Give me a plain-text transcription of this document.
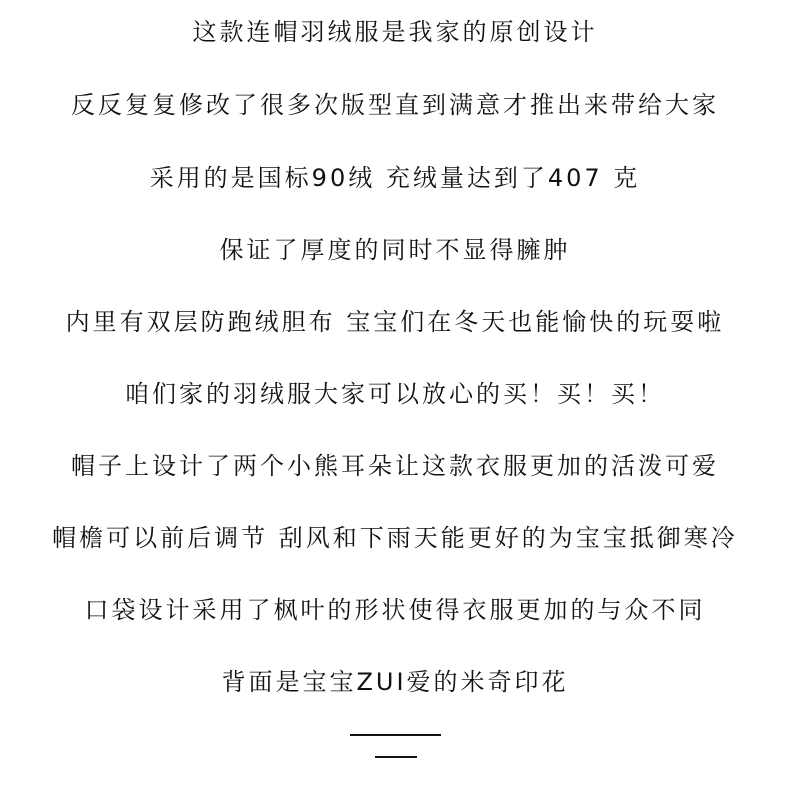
这款连帽羽绒服是我家的原创设计
反反复复修改了很多次版型直到满意才推出来带给大家
采用的是国标90绒 充绒量达到了407 克
保证了厚度的同时不显得臃肿
内里有双层防跑绒胆布 宝宝们在冬天也能愉快的玩耍啦
咱们家的羽绒服大家可以放心的买！买！买！
帽子上设计了两个小熊耳朵让这款衣服更加的活泼可爱
帽檐可以前后调节 刮风和下雨天能更好的为宝宝抵御寒冷
口袋设计采用了枫叶的形状使得衣服更加的与众不同
背面是宝宝ZUI爱的米奇印花
